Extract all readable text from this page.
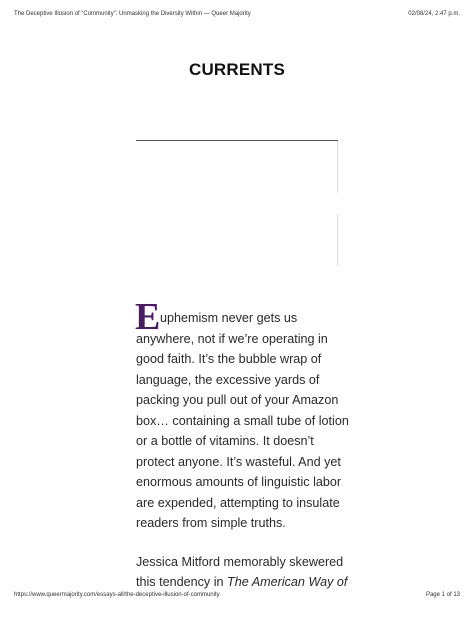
The Deceptive Illusion of “Community”: Unmasking the Diversity Within — Queer Majority	02/08/24, 2:47 p.m.
CURRENTS
E uphemism never gets us
anywhere, not if we’re operating in
good faith. It’s the bubble wrap of
language, the excessive yards of
packing you pull out of your Amazon
box… containing a small tube of lotion
or a bottle of vitamins. It doesn’t
protect anyone. It’s wasteful. And yet
enormous amounts of linguistic labor
are expended, attempting to insulate
readers from simple truths.
Jessica Mitford memorably skewered
this tendency in The American Way of
https://www.queermajority.com/essays-all/the-deceptive-illusion-of-community	Page 1 of 13
